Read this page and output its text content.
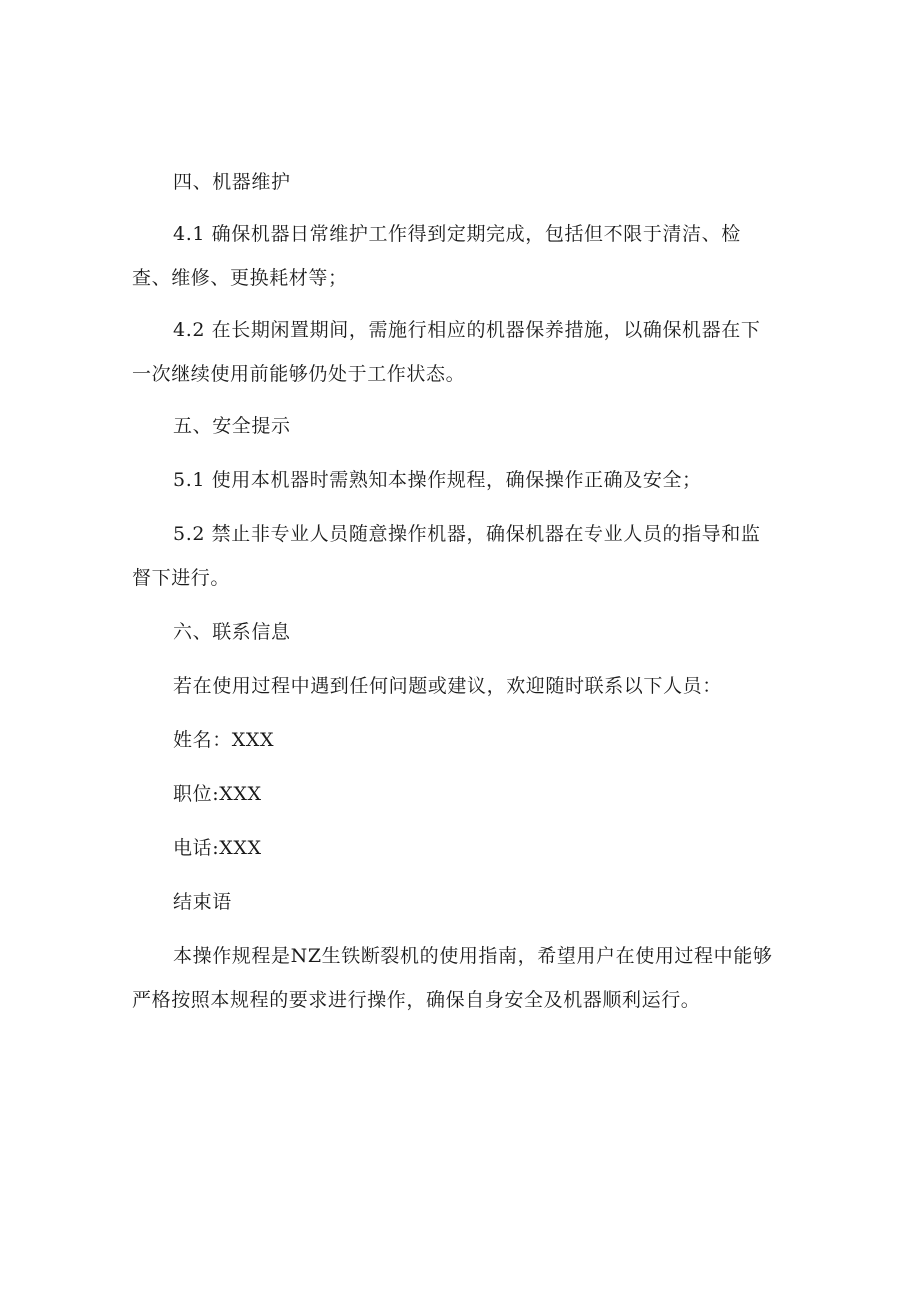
四、机器维护
4.1 确保机器日常维护工作得到定期完成，包括但不限于清洁、检
查、维修、更换耗材等；
4.2 在长期闲置期间，需施行相应的机器保养措施，以确保机器在下
一次继续使用前能够仍处于工作状态。
五、安全提示
5.1 使用本机器时需熟知本操作规程，确保操作正确及安全；
5.2 禁止非专业人员随意操作机器，确保机器在专业人员的指导和监
督下进行。
六、联系信息
若在使用过程中遇到任何问题或建议，欢迎随时联系以下人员：
姓名：XXX
职位:XXX
电话:XXX
结束语
本操作规程是NZ生铁断裂机的使用指南，希望用户在使用过程中能够
严格按照本规程的要求进行操作，确保自身安全及机器顺利运行。
